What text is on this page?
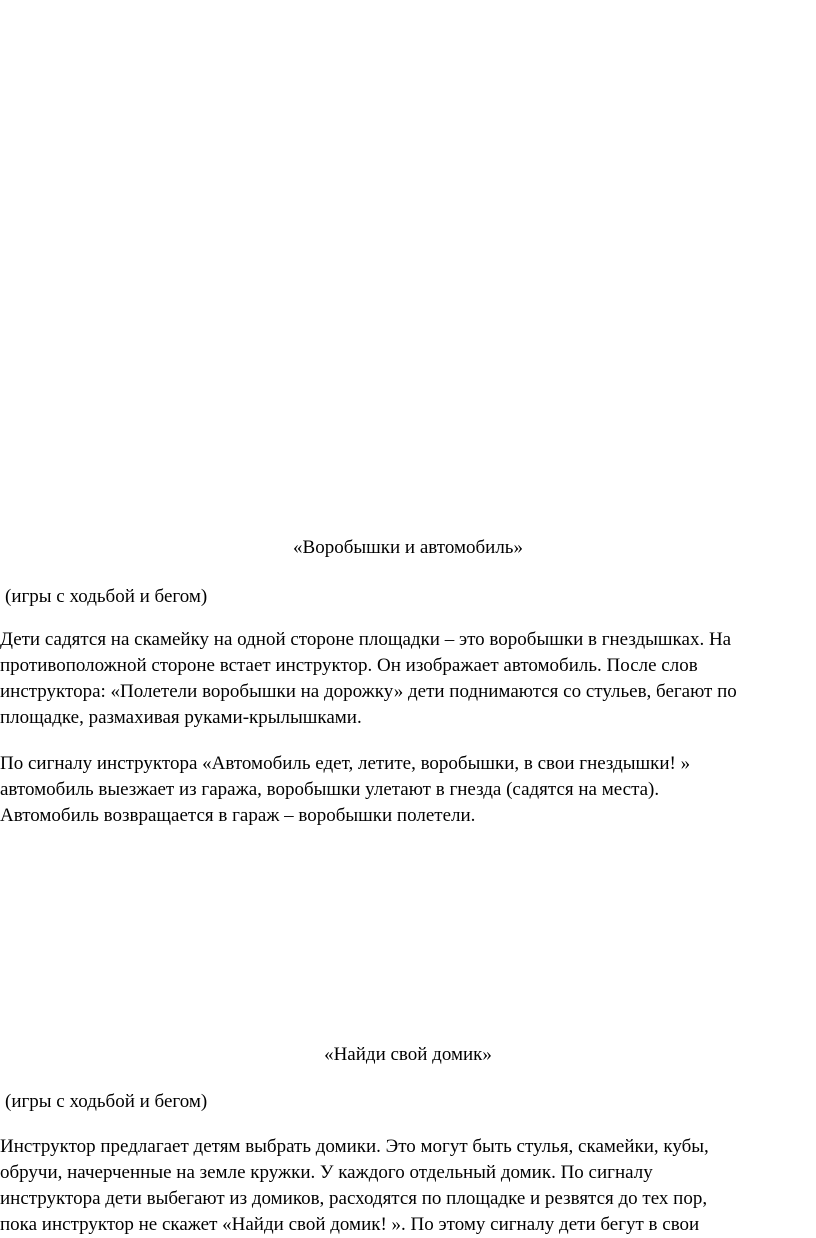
«Воробышки и автомобиль»
(игры с ходьбой и бегом)
Дети садятся на скамейку на одной стороне площадки – это воробышки в гнездышках. На
противоположной стороне встает инструктор. Он изображает автомобиль. После слов
инструктора: «Полетели воробышки на дорожку» дети поднимаются со стульев, бегают по
площадке, размахивая руками-крылышками.
По сигналу инструктора «Автомобиль едет, летите, воробышки, в свои гнездышки! »
автомобиль выезжает из гаража, воробышки улетают в гнезда (садятся на места).
Автомобиль возвращается в гараж – воробышки полетели.
«Найди свой домик»
(игры с ходьбой и бегом)
Инструктор предлагает детям выбрать домики. Это могут быть стулья, скамейки, кубы,
обручи, начерченные на земле кружки. У каждого отдельный домик. По сигналу
инструктора дети выбегают из домиков, расходятся по площадке и резвятся до тех пор,
пока инструктор не скажет «Найди свой домик! ». По этому сигналу дети бегут в свои
